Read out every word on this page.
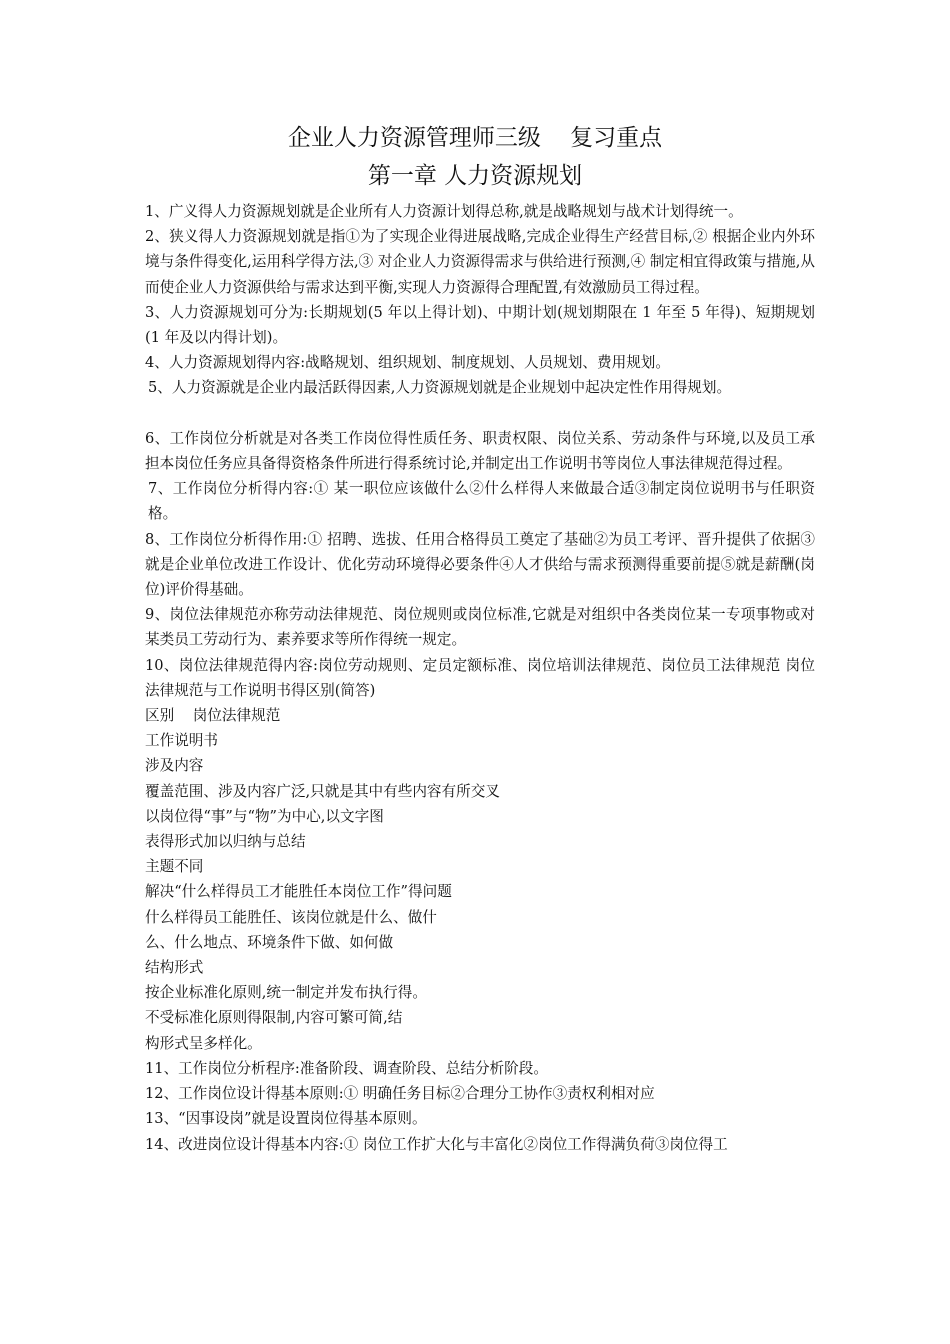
企业人力资源管理师三级    复习重点
第一章 人力资源规划

1、广义得人力资源规划就是企业所有人力资源计划得总称,就是战略规划与战术计划得统一。

2、狭义得人力资源规划就是指①为了实现企业得进展战略,完成企业得生产经营目标,② 根据企业内外环境与条件得变化,运用科学得方法,③ 对企业人力资源得需求与供给进行预测,④ 制定相宜得政策与措施,从而使企业人力资源供给与需求达到平衡,实现人力资源得合理配置,有效激励员工得过程。

3、人力资源规划可分为:长期规划(5 年以上得计划)、中期计划(规划期限在 1 年至 5 年得)、短期规划(1 年及以内得计划)。

4、人力资源规划得内容:战略规划、组织规划、制度规划、人员规划、费用规划。

5、人力资源就是企业内最活跃得因素,人力资源规划就是企业规划中起决定性作用得规划。

6、工作岗位分析就是对各类工作岗位得性质任务、职责权限、岗位关系、劳动条件与环境,以及员工承担本岗位任务应具备得资格条件所进行得系统讨论,并制定出工作说明书等岗位人事法律规范得过程。

7、工作岗位分析得内容:① 某一职位应该做什么②什么样得人来做最合适③制定岗位说明书与任职资格。

8、工作岗位分析得作用:① 招聘、选拔、任用合格得员工奠定了基础②为员工考评、晋升提供了依据③就是企业单位改进工作设计、优化劳动环境得必要条件④人才供给与需求预测得重要前提⑤就是薪酬(岗位)评价得基础。

9、岗位法律规范亦称劳动法律规范、岗位规则或岗位标准,它就是对组织中各类岗位某一专项事物或对某类员工劳动行为、素养要求等所作得统一规定。

10、岗位法律规范得内容:岗位劳动规则、定员定额标准、岗位培训法律规范、岗位员工法律规范 岗位法律规范与工作说明书得区别(简答)

区别    岗位法律规范

工作说明书

涉及内容

覆盖范围、涉及内容广泛,只就是其中有些内容有所交叉

以岗位得“事”与“物”为中心,以文字图

表得形式加以归纳与总结

主题不同

解决“什么样得员工才能胜任本岗位工作”得问题

什么样得员工能胜任、该岗位就是什么、做什

么、什么地点、环境条件下做、如何做

结构形式

按企业标准化原则,统一制定并发布执行得。

不受标准化原则得限制,内容可繁可简,结

构形式呈多样化。

11、工作岗位分析程序:准备阶段、调查阶段、总结分析阶段。

12、工作岗位设计得基本原则:① 明确任务目标②合理分工协作③责权利相对应

13、“因事设岗”就是设置岗位得基本原则。

14、改进岗位设计得基本内容:① 岗位工作扩大化与丰富化②岗位工作得满负荷③岗位得工
